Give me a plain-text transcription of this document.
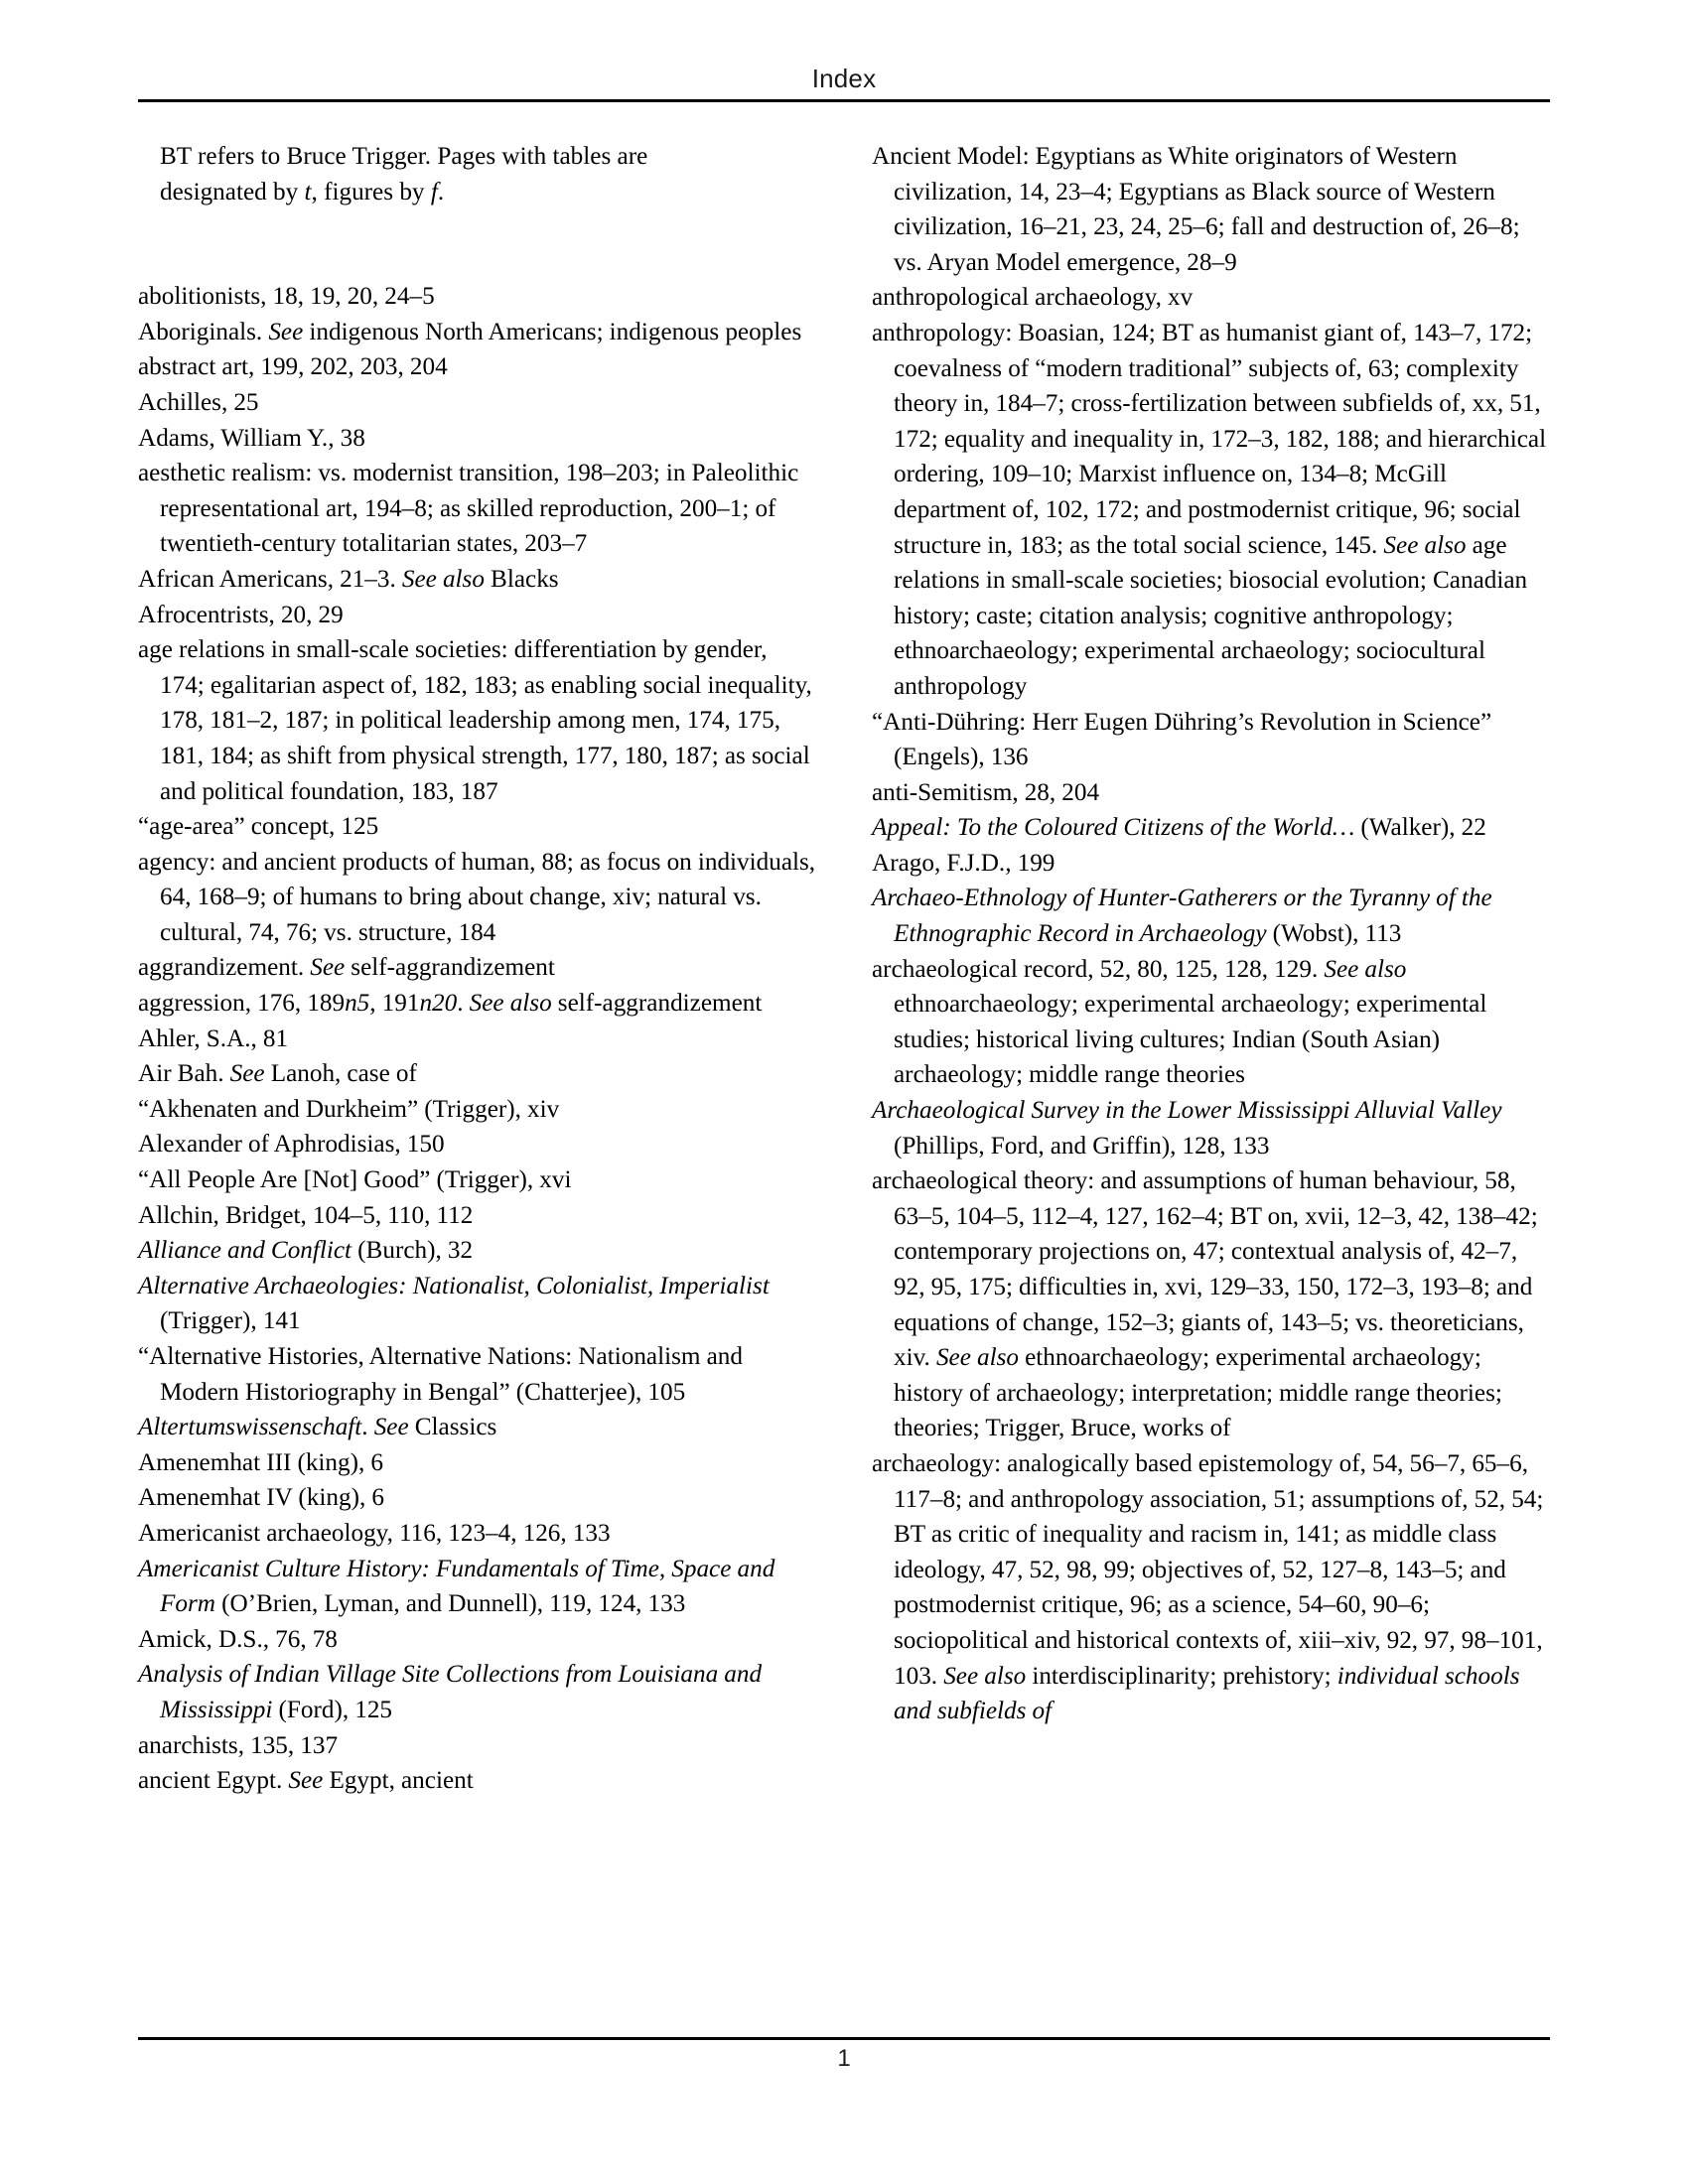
Index

BT refers to Bruce Trigger. Pages with tables are
designated by t, figures by f.

abolitionists, 18, 19, 20, 24–5

Aboriginals. See indigenous North Americans; indigenous peoples

abstract art, 199, 202, 203, 204

Achilles, 25

Adams, William Y., 38

aesthetic realism: vs. modernist transition, 198–203; in Paleolithic representational art, 194–8; as skilled reproduction, 200–1; of twentieth-century totalitarian states, 203–7

African Americans, 21–3. See also Blacks

Afrocentrists, 20, 29

age relations in small-scale societies: differentiation by gender, 174; egalitarian aspect of, 182, 183; as enabling social inequality, 178, 181–2, 187; in political leadership among men, 174, 175, 181, 184; as shift from physical strength, 177, 180, 187; as social and political foundation, 183, 187

“age-area” concept, 125

agency: and ancient products of human, 88; as focus on individuals, 64, 168–9; of humans to bring about change, xiv; natural vs. cultural, 74, 76; vs. structure, 184

aggrandizement. See self-aggrandizement

aggression, 176, 189n5, 191n20. See also self-aggrandizement

Ahler, S.A., 81

Air Bah. See Lanoh, case of

“Akhenaten and Durkheim” (Trigger), xiv

Alexander of Aphrodisias, 150

“All People Are [Not] Good” (Trigger), xvi

Allchin, Bridget, 104–5, 110, 112

Alliance and Conflict (Burch), 32

Alternative Archaeologies: Nationalist, Colonialist, Imperialist (Trigger), 141

“Alternative Histories, Alternative Nations: Nationalism and Modern Historiography in Bengal” (Chatterjee), 105

Altertumswissenschaft. See Classics

Amenemhat III (king), 6

Amenemhat IV (king), 6

Americanist archaeology, 116, 123–4, 126, 133

Americanist Culture History: Fundamentals of Time, Space and Form (O’Brien, Lyman, and Dunnell), 119, 124, 133

Amick, D.S., 76, 78

Analysis of Indian Village Site Collections from Louisiana and Mississippi (Ford), 125

anarchists, 135, 137

ancient Egypt. See Egypt, ancient

Ancient Model: Egyptians as White originators of Western civilization, 14, 23–4; Egyptians as Black source of Western civilization, 16–21, 23, 24, 25–6; fall and destruction of, 26–8; vs. Aryan Model emergence, 28–9

anthropological archaeology, xv

anthropology: Boasian, 124; BT as humanist giant of, 143–7, 172; coevalness of “modern traditional” subjects of, 63; complexity theory in, 184–7; cross-fertilization between subfields of, xx, 51, 172; equality and inequality in, 172–3, 182, 188; and hierarchical ordering, 109–10; Marxist influence on, 134–8; McGill department of, 102, 172; and postmodernist critique, 96; social structure in, 183; as the total social science, 145. See also age relations in small-scale societies; biosocial evolution; Canadian history; caste; citation analysis; cognitive anthropology; ethnoarchaeology; experimental archaeology; sociocultural anthropology

“Anti-Dühring: Herr Eugen Dühring’s Revolution in Science” (Engels), 136

anti-Semitism, 28, 204

Appeal: To the Coloured Citizens of the World… (Walker), 22

Arago, F.J.D., 199

Archaeo-Ethnology of Hunter-Gatherers or the Tyranny of the Ethnographic Record in Archaeology (Wobst), 113

archaeological record, 52, 80, 125, 128, 129. See also ethnoarchaeology; experimental archaeology; experimental studies; historical living cultures; Indian (South Asian) archaeology; middle range theories

Archaeological Survey in the Lower Mississippi Alluvial Valley (Phillips, Ford, and Griffin), 128, 133

archaeological theory: and assumptions of human behaviour, 58, 63–5, 104–5, 112–4, 127, 162–4; BT on, xvii, 12–3, 42, 138–42; contemporary projections on, 47; contextual analysis of, 42–7, 92, 95, 175; difficulties in, xvi, 129–33, 150, 172–3, 193–8; and equations of change, 152–3; giants of, 143–5; vs. theoreticians, xiv. See also ethnoarchaeology; experimental archaeology; history of archaeology; interpretation; middle range theories; theories; Trigger, Bruce, works of

archaeology: analogically based epistemology of, 54, 56–7, 65–6, 117–8; and anthropology association, 51; assumptions of, 52, 54; BT as critic of inequality and racism in, 141; as middle class ideology, 47, 52, 98, 99; objectives of, 52, 127–8, 143–5; and postmodernist critique, 96; as a science, 54–60, 90–6; sociopolitical and historical contexts of, xiii–xiv, 92, 97, 98–101, 103. See also interdisciplinarity; prehistory; individual schools and subfields of

1
